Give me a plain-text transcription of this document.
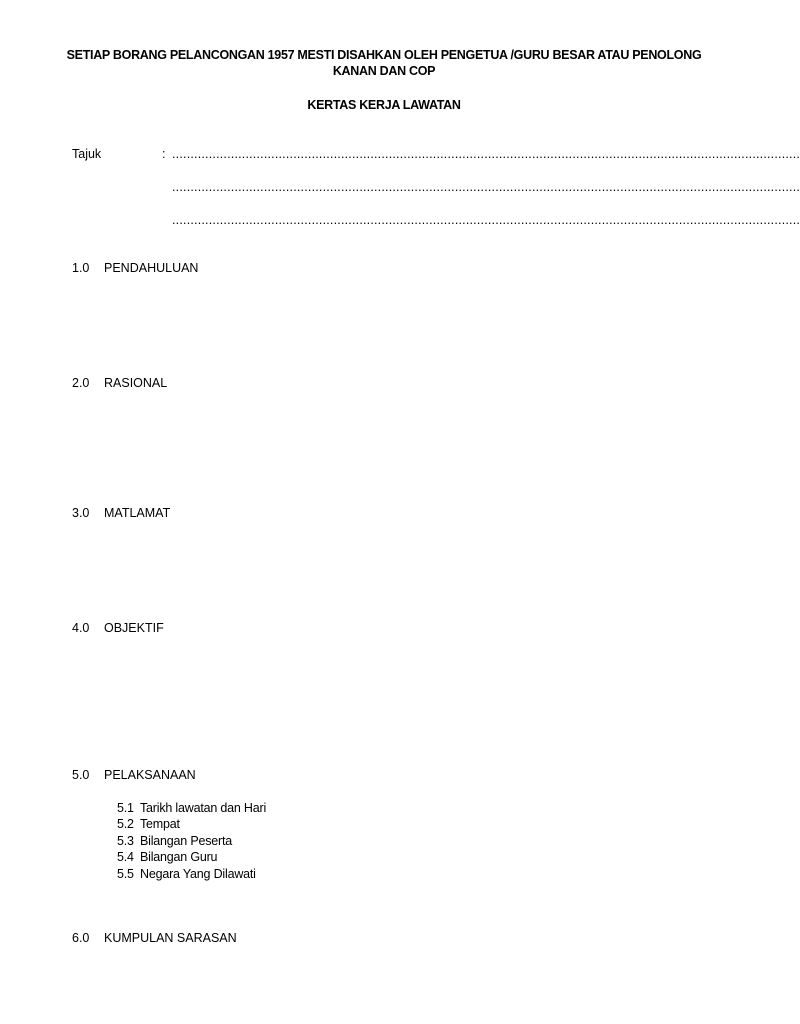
SETIAP BORANG PELANCONGAN 1957 MESTI DISAHKAN OLEH PENGETUA /GURU BESAR ATAU PENOLONG
KANAN DAN COP
KERTAS KERJA LAWATAN
Tajuk	: ...........................................................................................................................................................................
...........................................................................................................................................................................
...........................................................................................................................................................................
1.0 PENDAHULUAN
2.0 RASIONAL
3.0 MATLAMAT
4.0 OBJEKTIF
5.0 PELAKSANAAN
5.1 Tarikh lawatan dan Hari
5.2 Tempat
5.3 Bilangan Peserta
5.4 Bilangan Guru
5.5 Negara Yang Dilawati
6.0 KUMPULAN SARASAN
